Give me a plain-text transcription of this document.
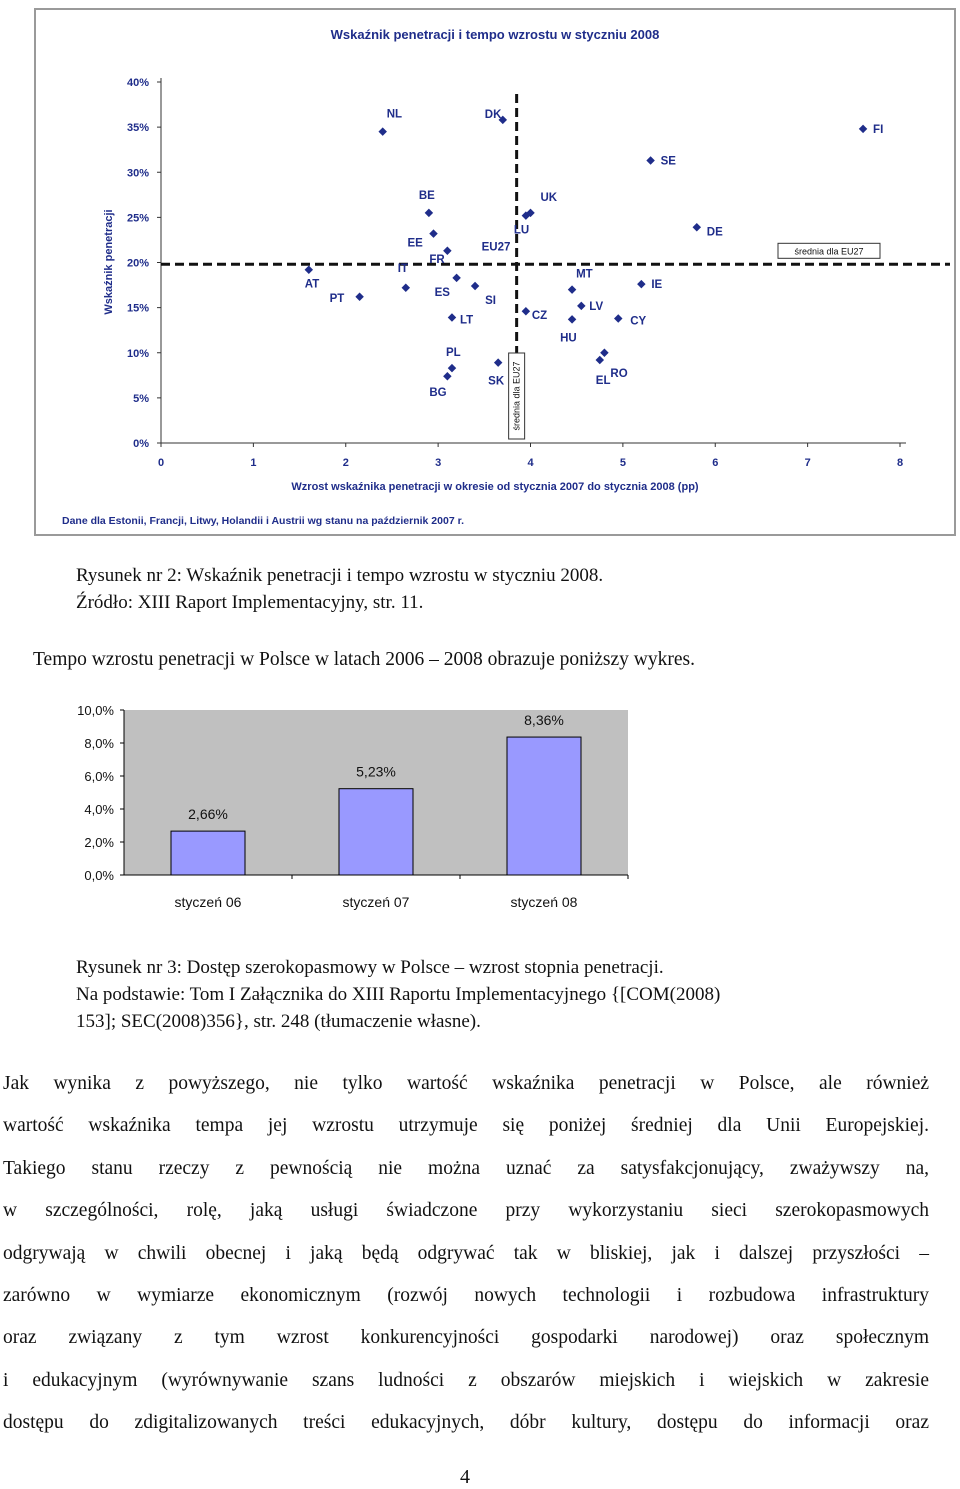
Wskaźnik penetracji i tempo wzrostu w styczniu 2008
0%
5%
10%
15%
20%
25%
30%
35%
40%
0	1	2	3	4	5	6	7	8
Wzrost wskaźnika penetracji w okresie od stycznia 2007 do stycznia 2008 (pp)
Wskaźnik penetracji	średnia dla EU27
średnia dla EU27
NL	DK
FI
SE
BE	UK
LU	DE
EE
FR
EU27
AT
IT
ES
SI
PT
MT
IE
LV
LT	CZ	CY
HU
RO
EL
SK
PL
BG
Dane dla Estonii, Francji, Litwy, Holandii i Austrii wg stanu na październik 2007 r.
Rysunek nr 2: Wskaźnik penetracji i tempo wzrostu w styczniu 2008.
Źródło: XIII Raport Implementacyjny, str. 11.
Tempo wzrostu penetracji w Polsce w latach 2006 – 2008 obrazuje poniższy wykres.
0,0%
2,0%
4,0%
6,0%
8,0%
10,0%
2,66%
styczeń 06
5,23%
styczeń 07
8,36%
styczeń 08
Rysunek nr 3: Dostęp szerokopasmowy w Polsce – wzrost stopnia penetracji.
Na podstawie: Tom I Załącznika do XIII Raportu Implementacyjnego {[COM(2008)
153]; SEC(2008)356}, str. 248 (tłumaczenie własne).
Jak wynika z powyższego, nie tylko wartość wskaźnika penetracji w Polsce, ale również
wartość wskaźnika tempa jej wzrostu utrzymuje się poniżej średniej dla Unii Europejskiej.
Takiego stanu rzeczy z pewnością nie można uznać za satysfakcjonujący, zważywszy na,
w szczególności, rolę, jaką usługi świadczone przy wykorzystaniu sieci szerokopasmowych
odgrywają w chwili obecnej i jaką będą odgrywać tak w bliskiej, jak i dalszej przyszłości –
zarówno w wymiarze ekonomicznym (rozwój nowych technologii i rozbudowa infrastruktury
oraz związany z tym wzrost konkurencyjności gospodarki narodowej) oraz społecznym
i edukacyjnym (wyrównywanie szans ludności z obszarów miejskich i wiejskich w zakresie
dostępu do zdigitalizowanych treści edukacyjnych, dóbr kultury, dostępu do informacji oraz
4
